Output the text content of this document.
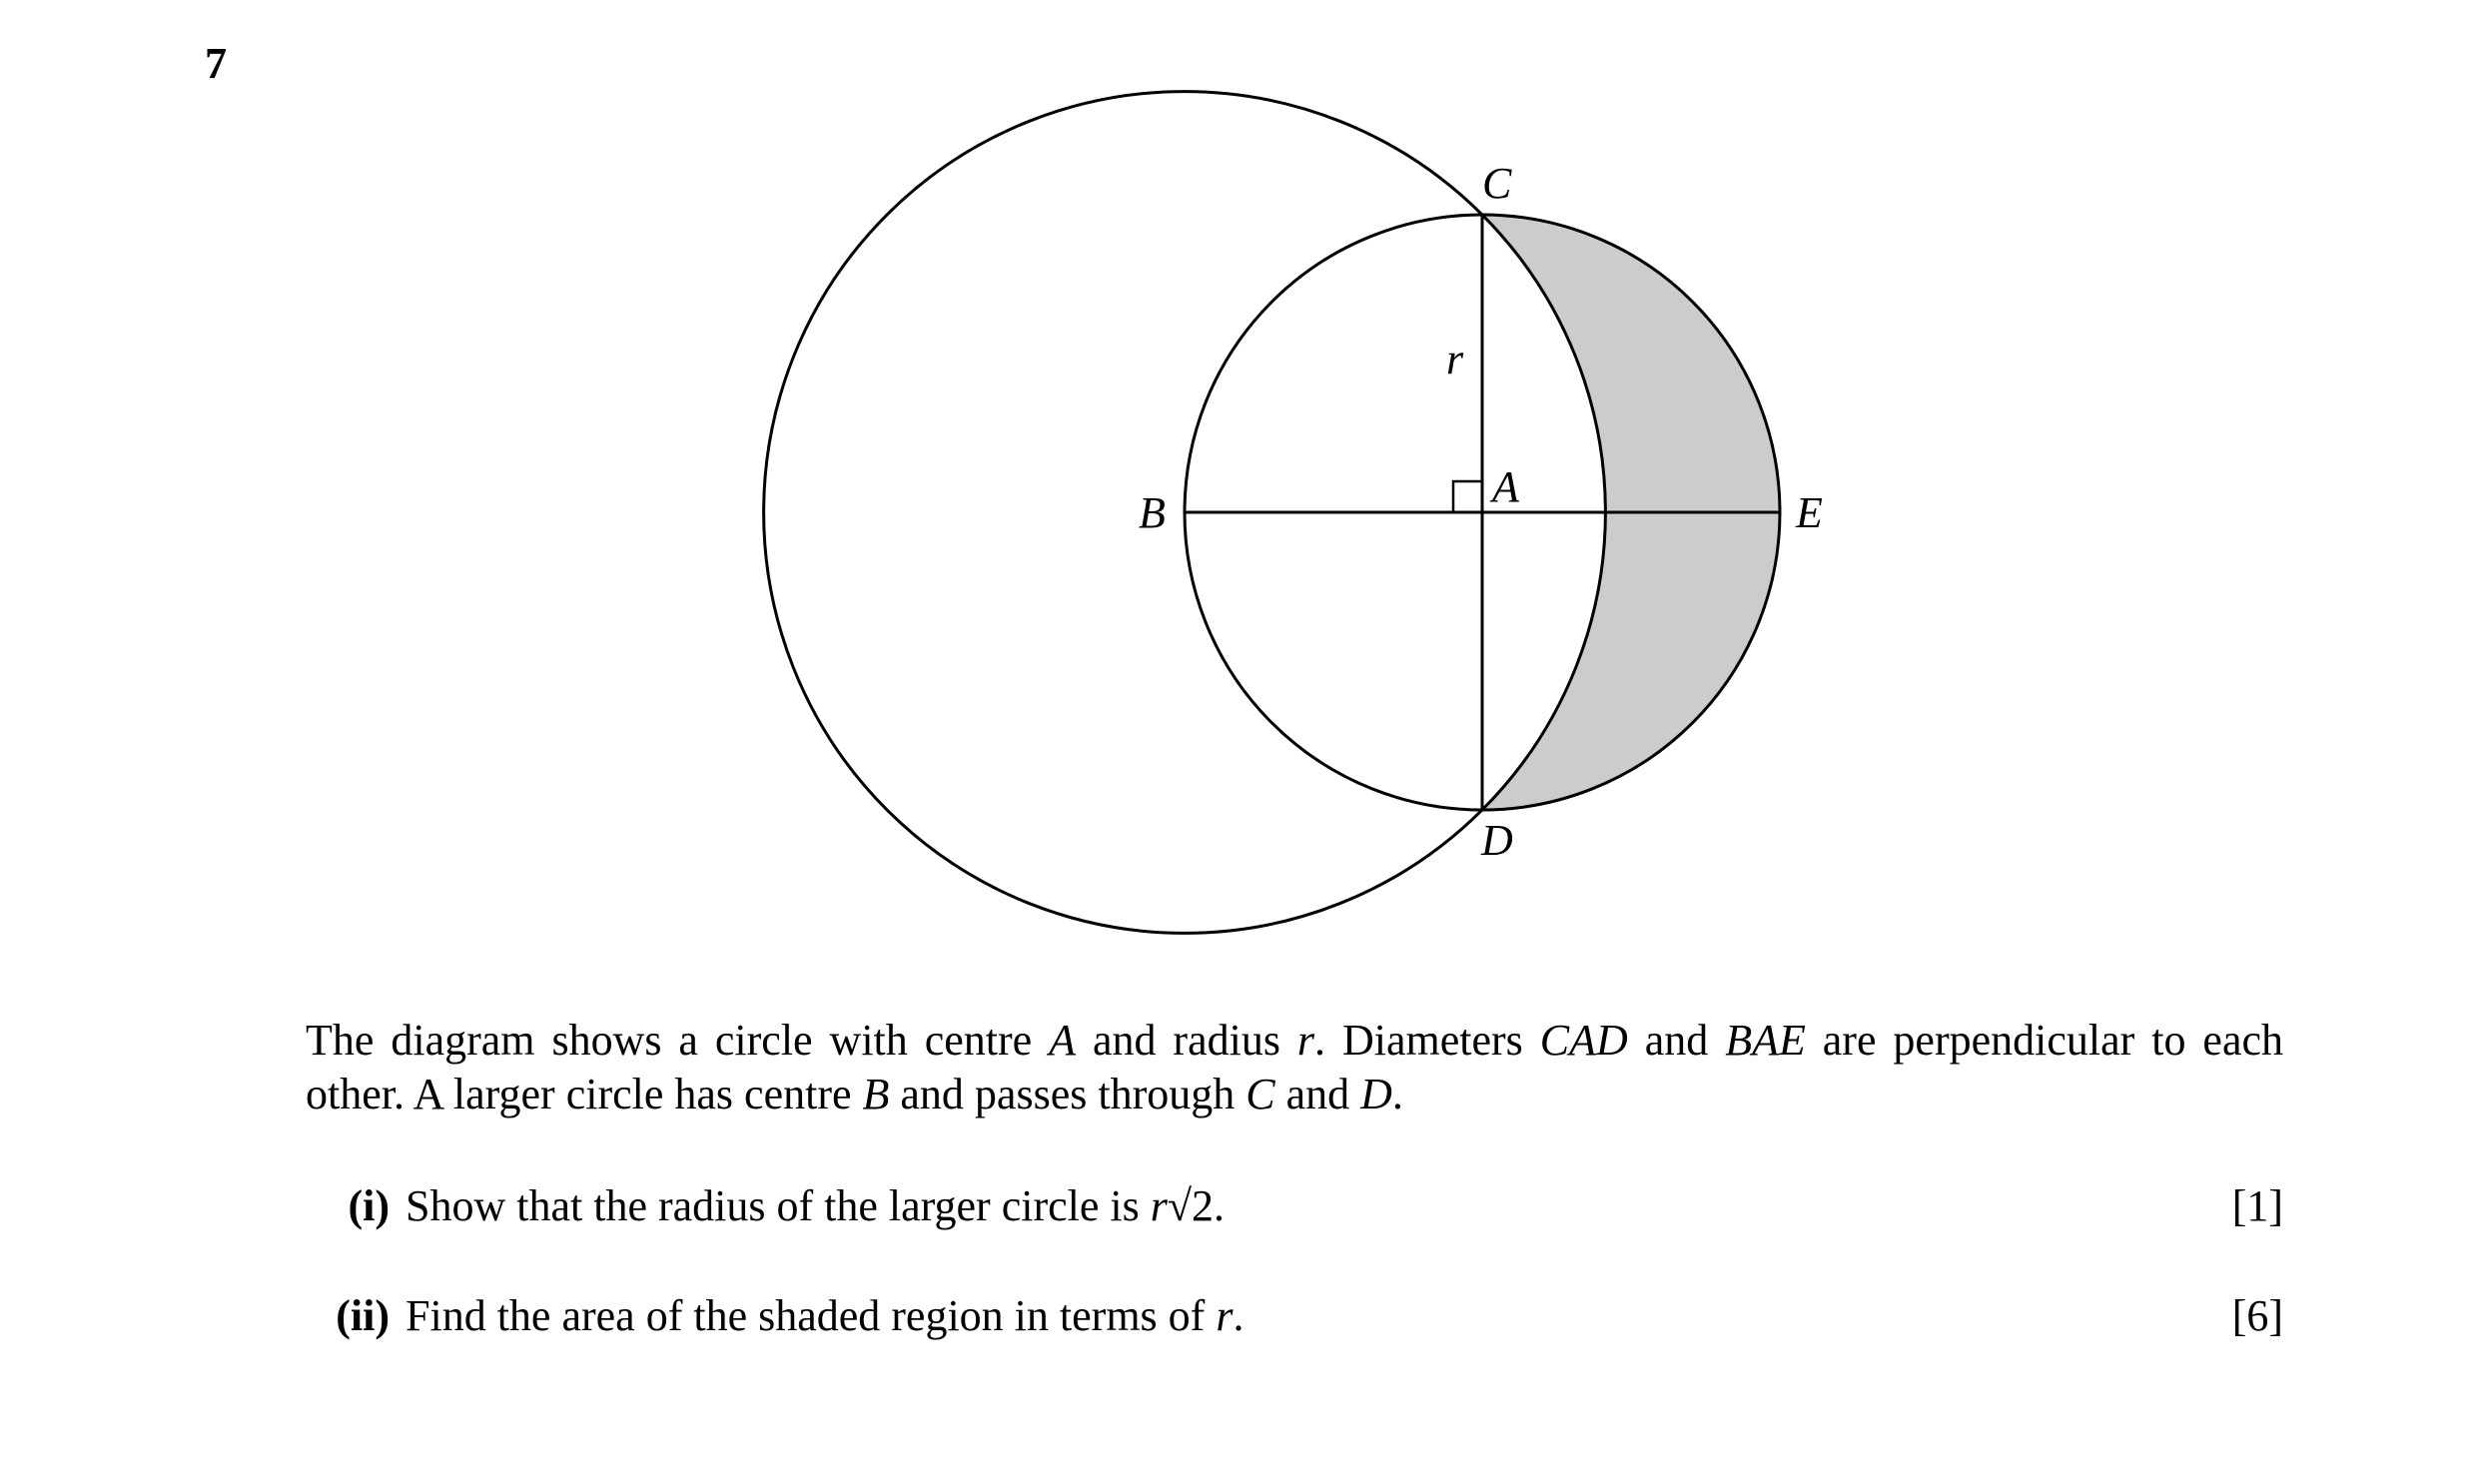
7
C
D
B	E
A
r
The diagram shows a circle with centre A and radius r. Diameters CAD and BAE are perpendicular to each other. A larger circle has centre B and passes through C and D.
(i) Show that the radius of the larger circle is r√2.	[1]
(ii) Find the area of the shaded region in terms of r.	[6]
